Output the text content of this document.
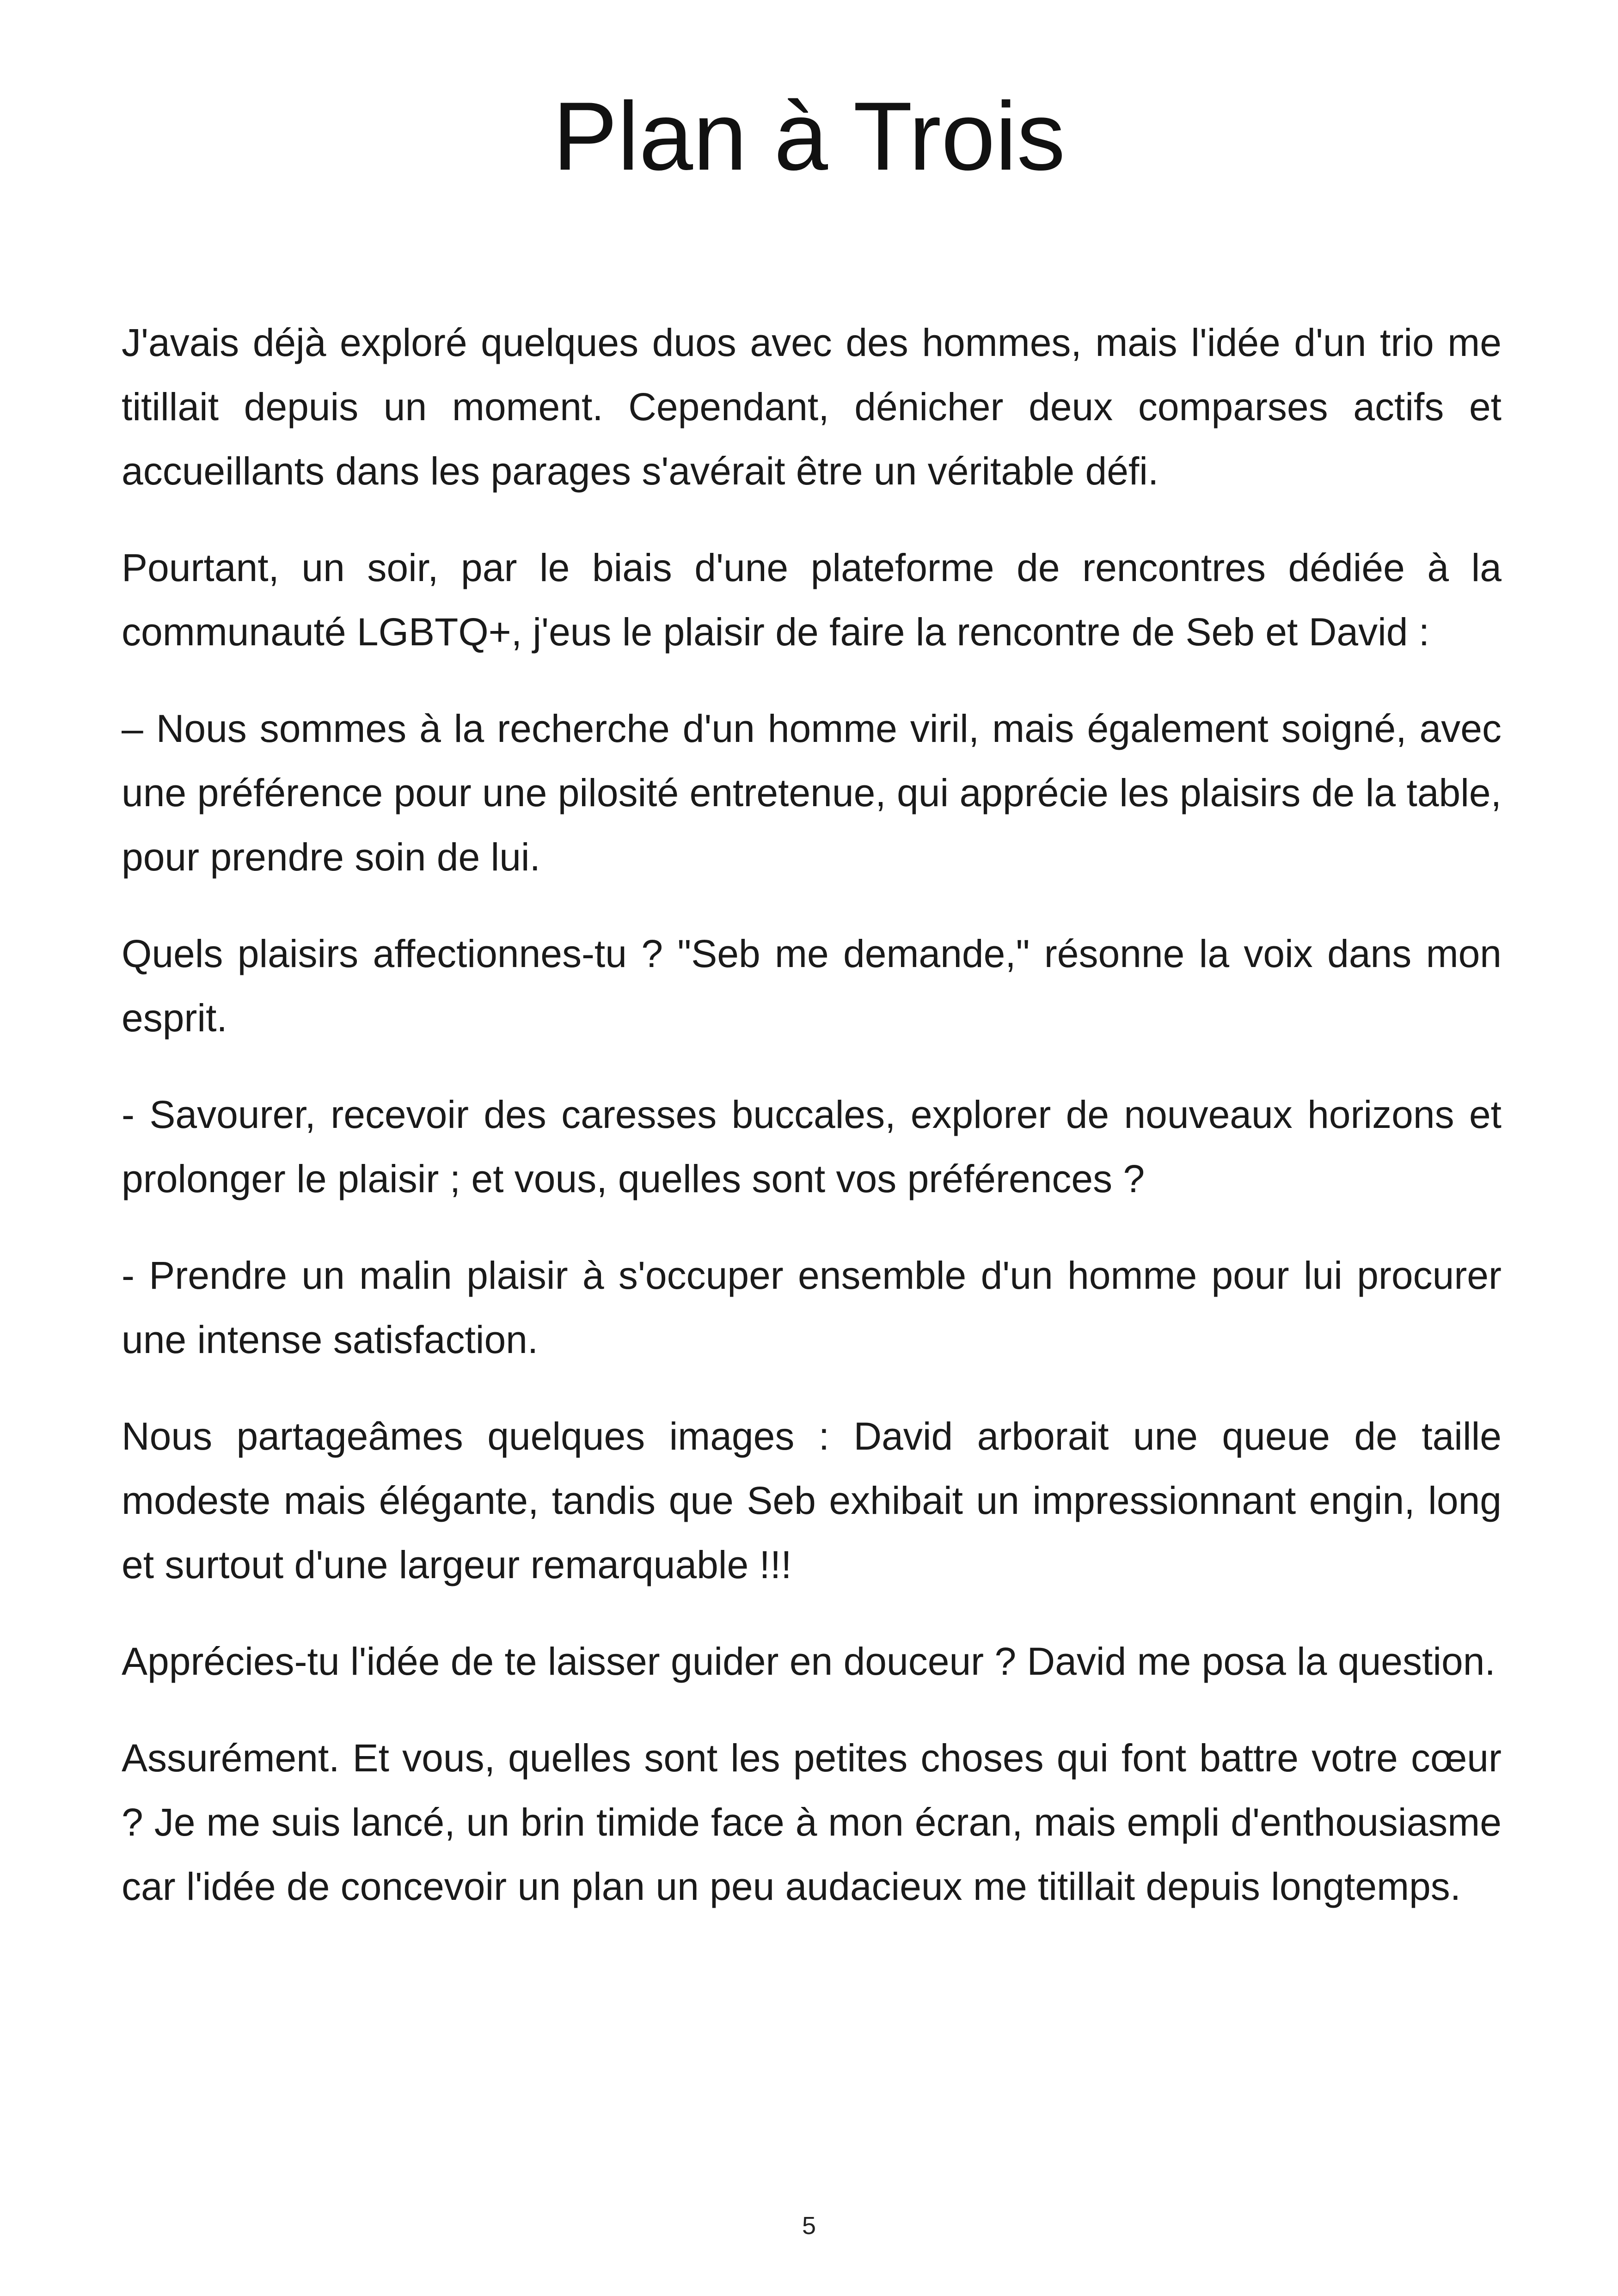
Plan à Trois

J'avais déjà exploré quelques duos avec des hommes, mais l'idée d'un trio me titillait depuis un moment. Cependant, dénicher deux comparses actifs et accueillants dans les parages s'avérait être un véritable défi.

Pourtant, un soir, par le biais d'une plateforme de rencontres dédiée à la communauté LGBTQ+, j'eus le plaisir de faire la rencontre de Seb et David :

– Nous sommes à la recherche d'un homme viril, mais également soigné, avec une préférence pour une pilosité entretenue, qui apprécie les plaisirs de la table, pour prendre soin de lui.

Quels plaisirs affectionnes-tu ? "Seb me demande," résonne la voix dans mon esprit.

- Savourer, recevoir des caresses buccales, explorer de nouveaux horizons et prolonger le plaisir ; et vous, quelles sont vos préférences ?

- Prendre un malin plaisir à s'occuper ensemble d'un homme pour lui procurer une intense satisfaction.

Nous partageâmes quelques images : David arborait une queue de taille modeste mais élégante, tandis que Seb exhibait un impressionnant engin, long et surtout d'une largeur remarquable !!!

Apprécies-tu l'idée de te laisser guider en douceur ? David me posa la question.

Assurément. Et vous, quelles sont les petites choses qui font battre votre cœur ? Je me suis lancé, un brin timide face à mon écran, mais empli d'enthousiasme car l'idée de concevoir un plan un peu audacieux me titillait depuis longtemps.

5
